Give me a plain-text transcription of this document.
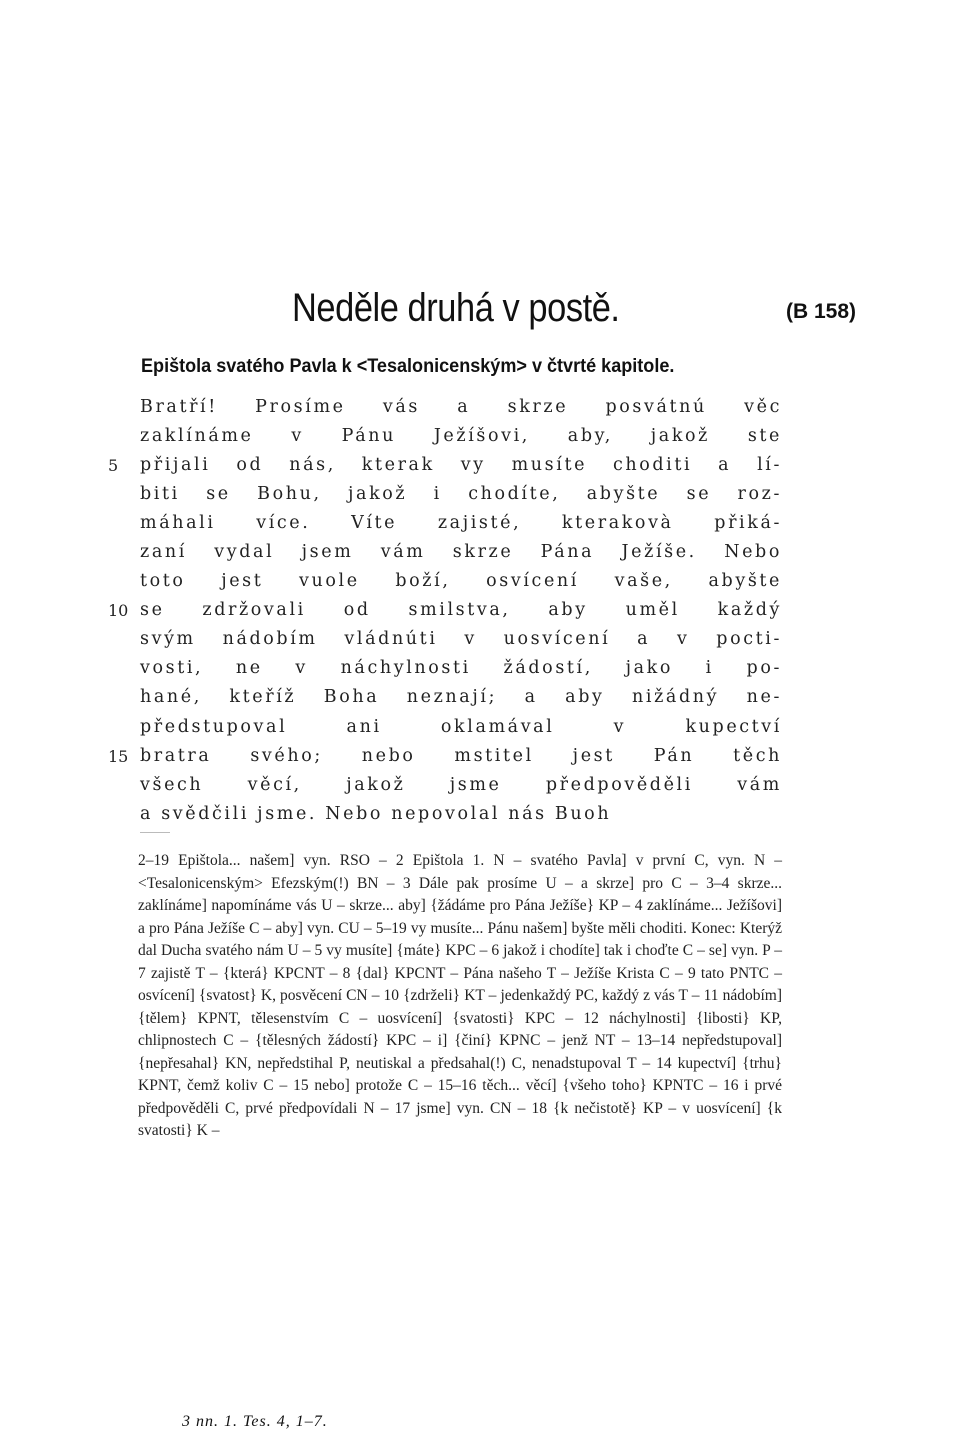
Neděle druhá v postě.	(B 158)
Epištola svatého Pavla k <Tesalonicenským> v čtvrté kapitole.
Bratří! Prosíme vás a skrze posvátnú věc
zaklínáme v Pánu Ježíšovi, aby, jakož ste
5 přijali od nás, kterak vy musíte choditi a lí-
biti se Bohu, jakož i chodíte, abyšte se roz-
máhali více. Víte zajisté, kterakovà přiká-
zaní vydal jsem vám skrze Pána Ježíše. Nebo
toto jest vuole boží, osvícení vaše, abyšte
10 se zdržovali od smilstva, aby uměl každý
svým nádobím vládnúti v uosvícení a v pocti-
vosti, ne v náchylnosti žádostí, jako i po-
hané, kteříž Boha neznají; a aby nižádný ne-
předstupoval ani oklamával v kupectví
15 bratra svého; nebo mstitel jest Pán těch
všech věcí, jakož jsme předpověděli vám
a svědčili jsme. Nebo nepovolal nás Buoh

2–19 Epištola... našem] vyn. RSO – 2 Epištola 1. N – svatého Pavla] v první C, vyn. N – <Tesalonicenským> Efezským(!) BN – 3 Dále pak prosíme U – a skrze] pro C – 3–4 skrze... zaklínáme] napomínáme vás U – skrze... aby] {žádáme pro Pána Ježíše} KP – 4 zaklínáme... Ježíšovi] a pro Pána Ježíše C – aby] vyn. CU – 5–19 vy musíte... Pánu našem] byšte měli choditi. Konec: Kterýž dal Ducha svatého nám U – 5 vy musíte] {máte} KPC – 6 jakož i chodíte] tak i choďte C – se] vyn. P – 7 zajistě T – {která} KPCNT – 8 {dal} KPCNT – Pána našeho T – Ježíše Krista C – 9 tato PNTC – osvícení] {svatost} K, posvěcení CN – 10 {zdrželi} KT – jedenkaždý PC, každý z vás T – 11 nádobím] {tělem} KPNT, tělesenstvím C – uosvícení] {svatosti} KPC – 12 náchylnosti] {libosti} KP, chlipnostech C – {tělesných žádostí} KPC – i] {činí} KPNC – jenž NT – 13–14 nepředstupoval] {nepřesahal} KN, nepředstihal P, neutiskal a předsahal(!) C, nenadstupoval T – 14 kupectví] {trhu} KPNT, čemž koliv C – 15 nebo] protože C – 15–16 těch... věcí] {všeho toho} KPNTC – 16 i prvé předpověděli C, prvé předpovídali N – 17 jsme] vyn. CN – 18 {k nečistotě} KP – v uosvícení] {k svatosti} K –

3 nn. 1. Tes. 4, 1–7.
